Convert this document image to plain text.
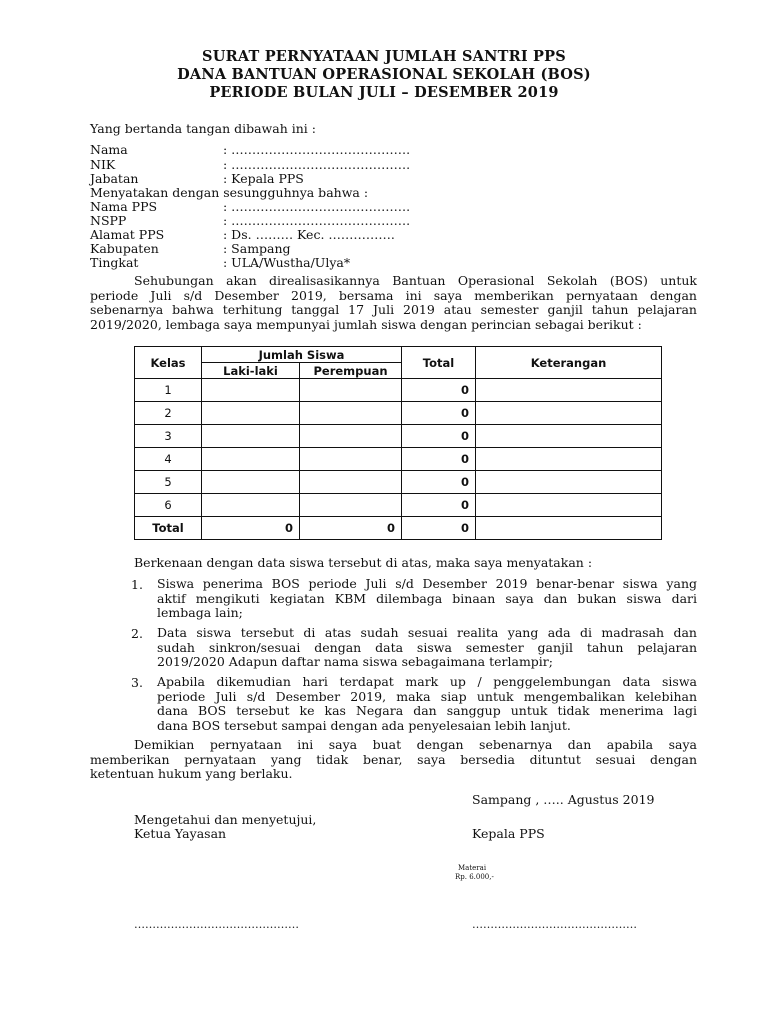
SURAT PERNYATAAN JUMLAH SANTRI PPS
DANA BANTUAN OPERASIONAL SEKOLAH (BOS)
PERIODE BULAN JULI – DESEMBER 2019
Yang bertanda tangan dibawah ini :
Nama	: …………………………………….
NIK	: …………………………………….
Jabatan	: Kepala PPS
Menyatakan dengan sesungguhnya bahwa :
Nama PPS	: …………………………………….
NSPP	: …………………………………….
Alamat PPS	: Ds. ……… Kec. …………….
Kabupaten	: Sampang
Tingkat	: ULA/Wustha/Ulya*
Sehubungan akan direalisasikannya Bantuan Operasional Sekolah (BOS) untuk
periode Juli s/d Desember 2019, bersama ini saya memberikan pernyataan dengan
sebenarnya bahwa terhitung tanggal 17 Juli 2019 atau semester ganjil tahun pelajaran
2019/2020, lembaga saya mempunyai jumlah siswa dengan perincian sebagai berikut :
Kelas	Jumlah Siswa		Total	Keterangan
	Laki-laki	Perempuan		
1			0	
2			0	
3			0	
4			0	
5			0	
6			0	
Total	0	0	0	
Berkenaan dengan data siswa tersebut di atas, maka saya menyatakan :
1. Siswa penerima BOS periode Juli s/d Desember 2019 benar-benar siswa yang
aktif mengikuti kegiatan KBM dilembaga binaan saya dan bukan siswa dari
lembaga lain;
2. Data siswa tersebut di atas sudah sesuai realita yang ada di madrasah dan
sudah sinkron/sesuai dengan data siswa semester ganjil tahun pelajaran
2019/2020 Adapun daftar nama siswa sebagaimana terlampir;
3. Apabila dikemudian hari terdapat mark up / penggelembungan data siswa
periode Juli s/d Desember 2019, maka siap untuk mengembalikan kelebihan
dana BOS tersebut ke kas Negara dan sanggup untuk tidak menerima lagi
dana BOS tersebut sampai dengan ada penyelesaian lebih lanjut.
Demikian pernyataan ini saya buat dengan sebenarnya dan apabila saya
memberikan pernyataan yang tidak benar, saya bersedia dituntut sesuai dengan
ketentuan hukum yang berlaku.
Sampang , ….. Agustus 2019
Mengetahui dan menyetujui,
Ketua Yayasan	Kepala PPS
Materai
Rp. 6.000,-
………………………………………	………………………………………
